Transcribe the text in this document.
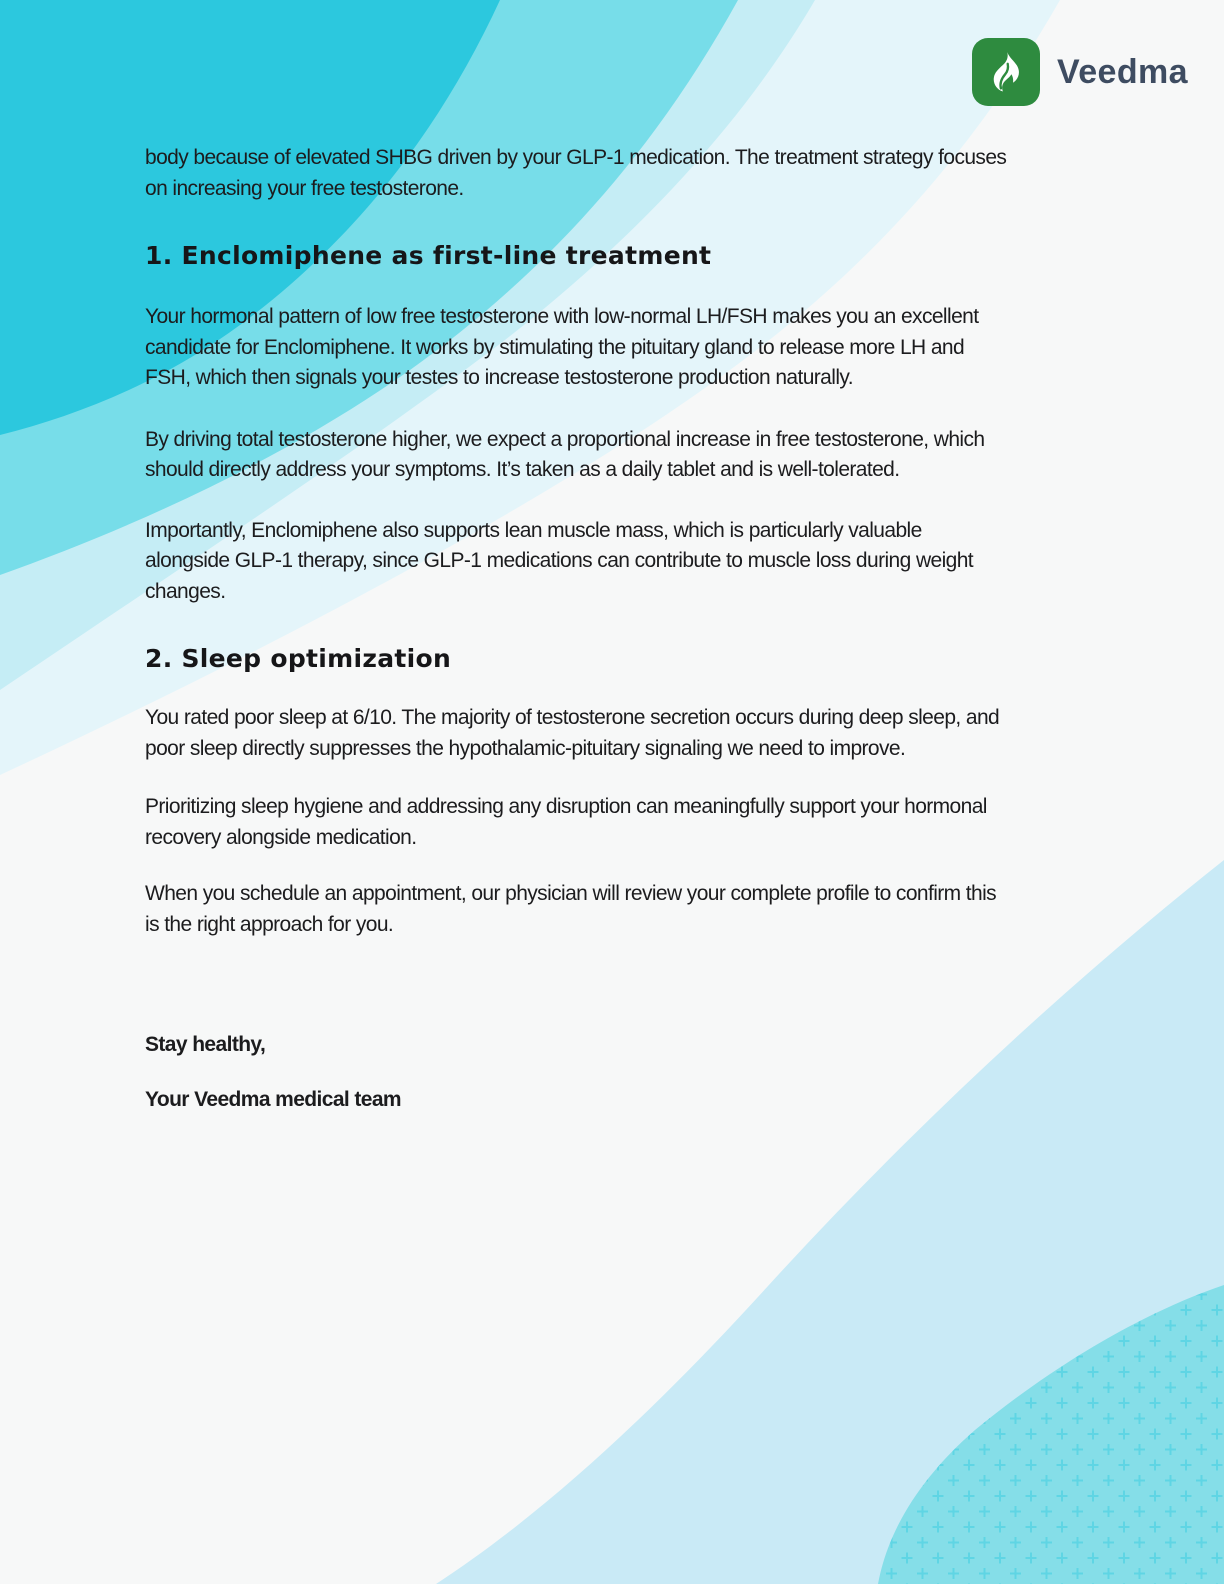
Veedma

body because of elevated SHBG driven by your GLP-1 medication. The treatment strategy focuses
on increasing your free testosterone.

1. Enclomiphene as first-line treatment

Your hormonal pattern of low free testosterone with low-normal LH/FSH makes you an excellent
candidate for Enclomiphene. It works by stimulating the pituitary gland to release more LH and
FSH, which then signals your testes to increase testosterone production naturally.

By driving total testosterone higher, we expect a proportional increase in free testosterone, which
should directly address your symptoms. It’s taken as a daily tablet and is well-tolerated.

Importantly, Enclomiphene also supports lean muscle mass, which is particularly valuable
alongside GLP-1 therapy, since GLP-1 medications can contribute to muscle loss during weight
changes.

2. Sleep optimization

You rated poor sleep at 6/10. The majority of testosterone secretion occurs during deep sleep, and
poor sleep directly suppresses the hypothalamic-pituitary signaling we need to improve.

Prioritizing sleep hygiene and addressing any disruption can meaningfully support your hormonal
recovery alongside medication.

When you schedule an appointment, our physician will review your complete profile to confirm this
is the right approach for you.

Stay healthy,

Your Veedma medical team
